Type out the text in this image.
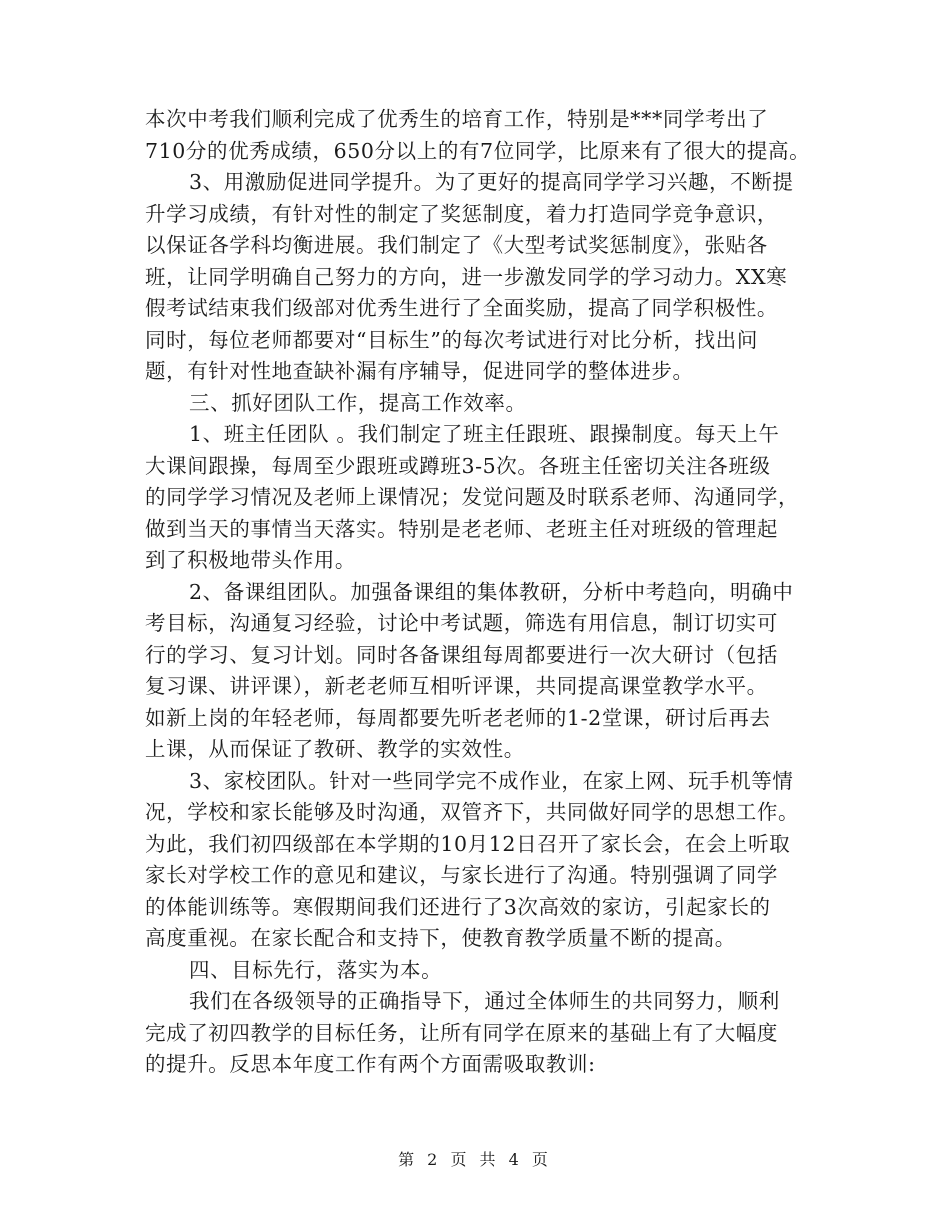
本次中考我们顺利完成了优秀生的培育工作，特别是***同学考出了
710分的优秀成绩，650分以上的有7位同学，比原来有了很大的提高。
3、用激励促进同学提升。为了更好的提高同学学习兴趣，不断提
升学习成绩，有针对性的制定了奖惩制度，着力打造同学竞争意识，
以保证各学科均衡进展。我们制定了《大型考试奖惩制度》，张贴各
班，让同学明确自己努力的方向，进一步激发同学的学习动力。XX寒
假考试结束我们级部对优秀生进行了全面奖励，提高了同学积极性。
同时，每位老师都要对“目标生”的每次考试进行对比分析，找出问
题，有针对性地查缺补漏有序辅导，促进同学的整体进步。
三、抓好团队工作，提高工作效率。
1、班主任团队 。我们制定了班主任跟班、跟操制度。每天上午
大课间跟操，每周至少跟班或蹲班3-5次。各班主任密切关注各班级
的同学学习情况及老师上课情况；发觉问题及时联系老师、沟通同学，
做到当天的事情当天落实。特别是老老师、老班主任对班级的管理起
到了积极地带头作用。
2、备课组团队。加强备课组的集体教研，分析中考趋向，明确中
考目标，沟通复习经验，讨论中考试题，筛选有用信息，制订切实可
行的学习、复习计划。同时各备课组每周都要进行一次大研讨（包括
复习课、讲评课），新老老师互相听评课，共同提高课堂教学水平。
如新上岗的年轻老师，每周都要先听老老师的1-2堂课，研讨后再去
上课，从而保证了教研、教学的实效性。
3、家校团队。针对一些同学完不成作业，在家上网、玩手机等情
况，学校和家长能够及时沟通，双管齐下，共同做好同学的思想工作。
为此，我们初四级部在本学期的10月12日召开了家长会，在会上听取
家长对学校工作的意见和建议，与家长进行了沟通。特别强调了同学
的体能训练等。寒假期间我们还进行了3次高效的家访，引起家长的
高度重视。在家长配合和支持下，使教育教学质量不断的提高。
四、目标先行，落实为本。
我们在各级领导的正确指导下，通过全体师生的共同努力，顺利
完成了初四教学的目标任务，让所有同学在原来的基础上有了大幅度
的提升。反思本年度工作有两个方面需吸取教训:
第 2 页 共 4 页
